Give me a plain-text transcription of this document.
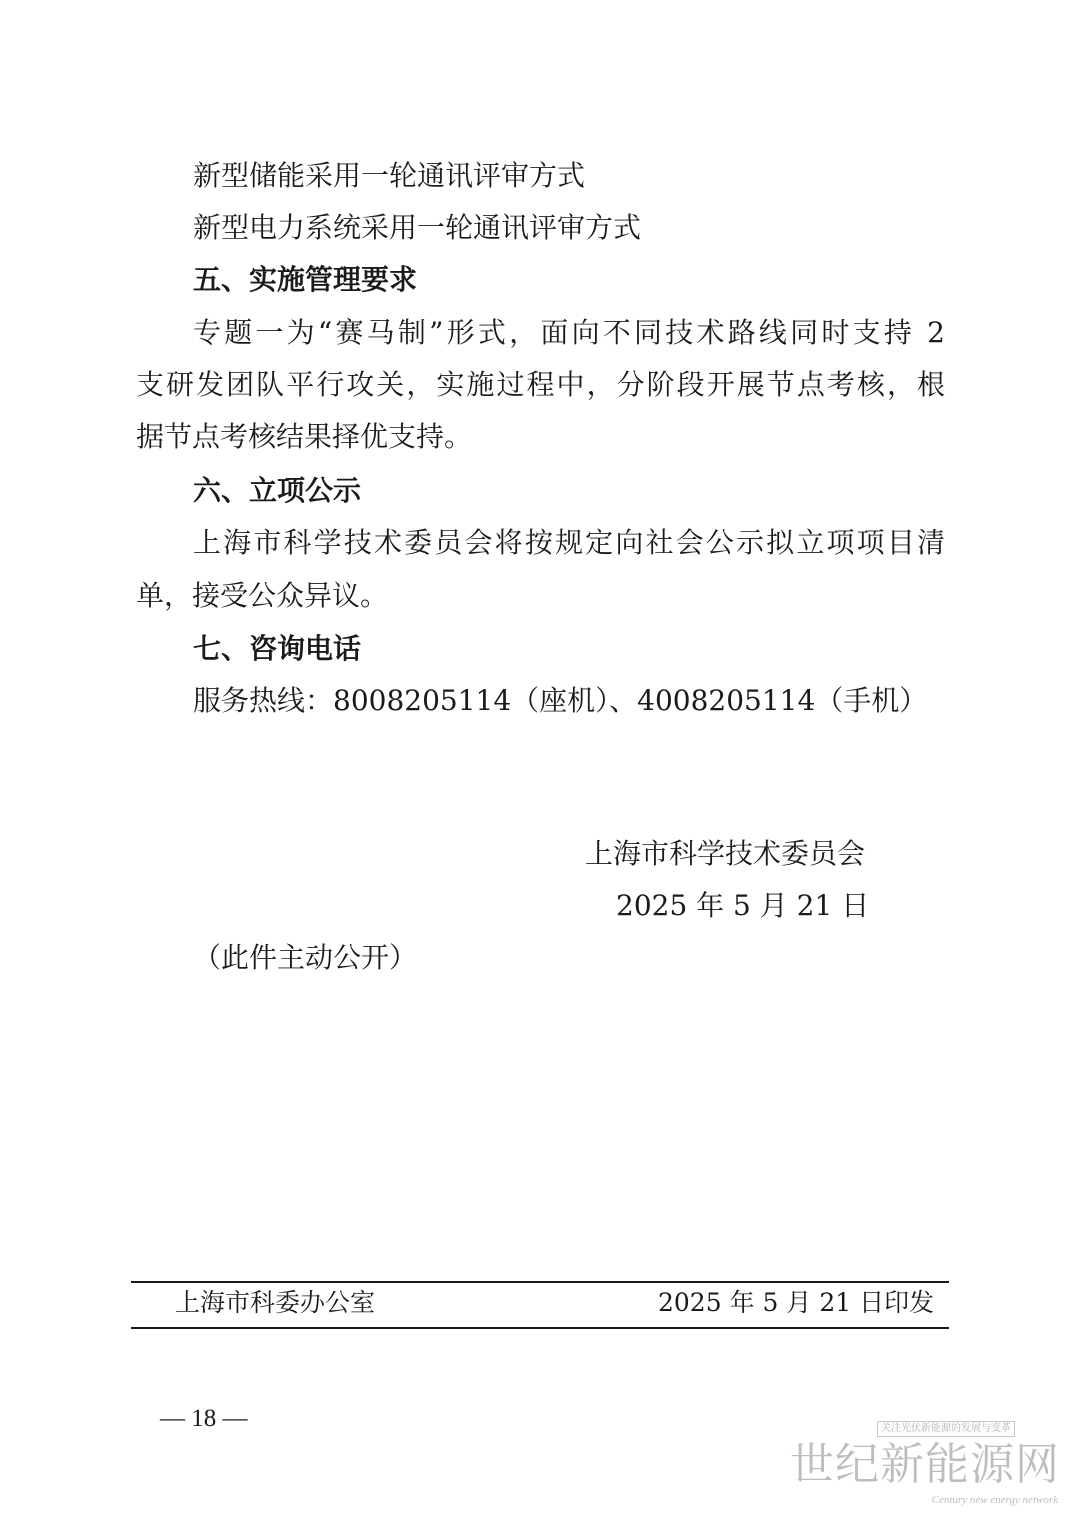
新型储能采用一轮通讯评审方式
新型电力系统采用一轮通讯评审方式
五、实施管理要求
专题一为“赛马制”形式，面向不同技术路线同时支持 2
支研发团队平行攻关，实施过程中，分阶段开展节点考核，根
据节点考核结果择优支持。
六、立项公示
上海市科学技术委员会将按规定向社会公示拟立项项目清
单，接受公众异议。
七、咨询电话
服务热线：8008205114（座机）、4008205114（手机）
上海市科学技术委员会
2025 年 5 月 21 日
（此件主动公开）
上海市科委办公室	2025 年 5 月 21 日印发
— 18 —	关注光伏新能源的发展与变革
世纪新能源网
Century new energy network
